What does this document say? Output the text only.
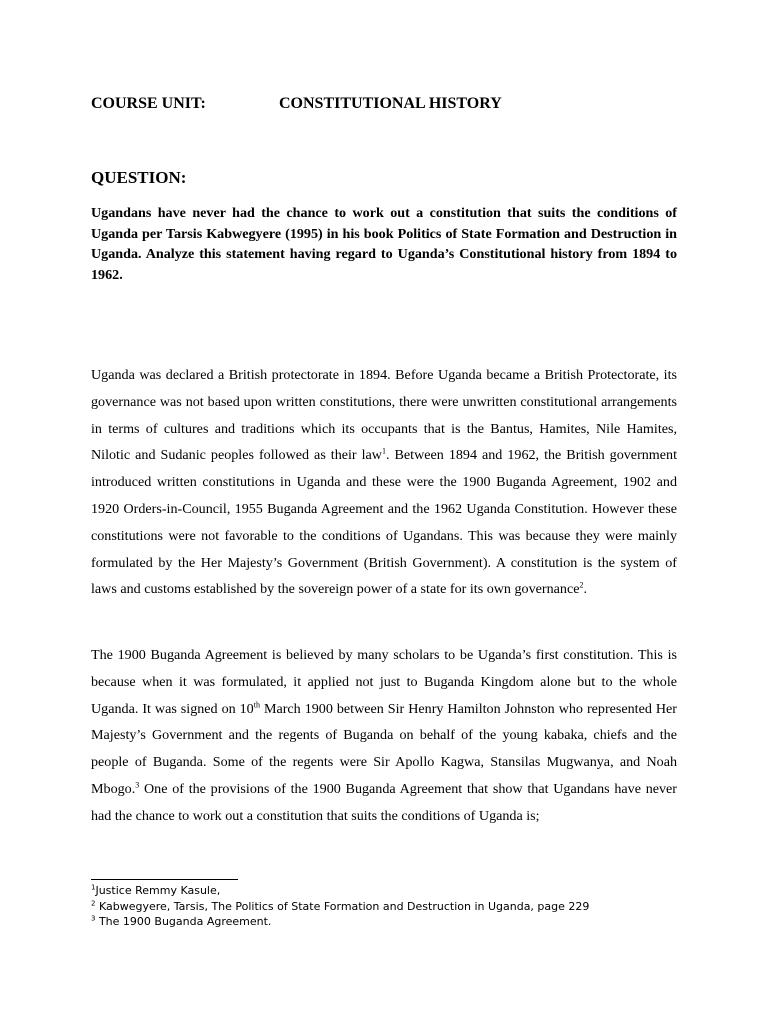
COURSE UNIT:	CONSTITUTIONAL HISTORY
QUESTION:
Ugandans have never had the chance to work out a constitution that suits the conditions of Uganda per Tarsis Kabwegyere (1995) in his book Politics of State Formation and Destruction in Uganda. Analyze this statement having regard to Uganda’s Constitutional history from 1894 to 1962.

Uganda was declared a British protectorate in 1894. Before Uganda became a British Protectorate, its governance was not based upon written constitutions, there were unwritten constitutional arrangements in terms of cultures and traditions which its occupants that is the Bantus, Hamites, Nile Hamites, Nilotic and Sudanic peoples followed as their law$^1$. Between 1894 and 1962, the British government introduced written constitutions in Uganda and these were the 1900 Buganda Agreement, 1902 and 1920 Orders-in-Council, 1955 Buganda Agreement and the 1962 Uganda Constitution. However these constitutions were not favorable to the conditions of Ugandans. This was because they were mainly formulated by the Her Majesty’s Government (British Government). A constitution is the system of laws and customs established by the sovereign power of a state for its own governance$^2$.

The 1900 Buganda Agreement is believed by many scholars to be Uganda’s first constitution. This is because when it was formulated, it applied not just to Buganda Kingdom alone but to the whole Uganda. It was signed on 10th March 1900 between Sir Henry Hamilton Johnston who represented Her Majesty’s Government and the regents of Buganda on behalf of the young kabaka, chiefs and the people of Buganda. Some of the regents were Sir Apollo Kagwa, Stansilas Mugwanya, and Noah Mbogo.$^3$ One of the provisions of the 1900 Buganda Agreement that show that Ugandans have never had the chance to work out a constitution that suits the conditions of Uganda is;

$^1$Justice Remmy Kasule,
$^2$ Kabwegyere, Tarsis, The Politics of State Formation and Destruction in Uganda, page 229
$^3$ The 1900 Buganda Agreement.
